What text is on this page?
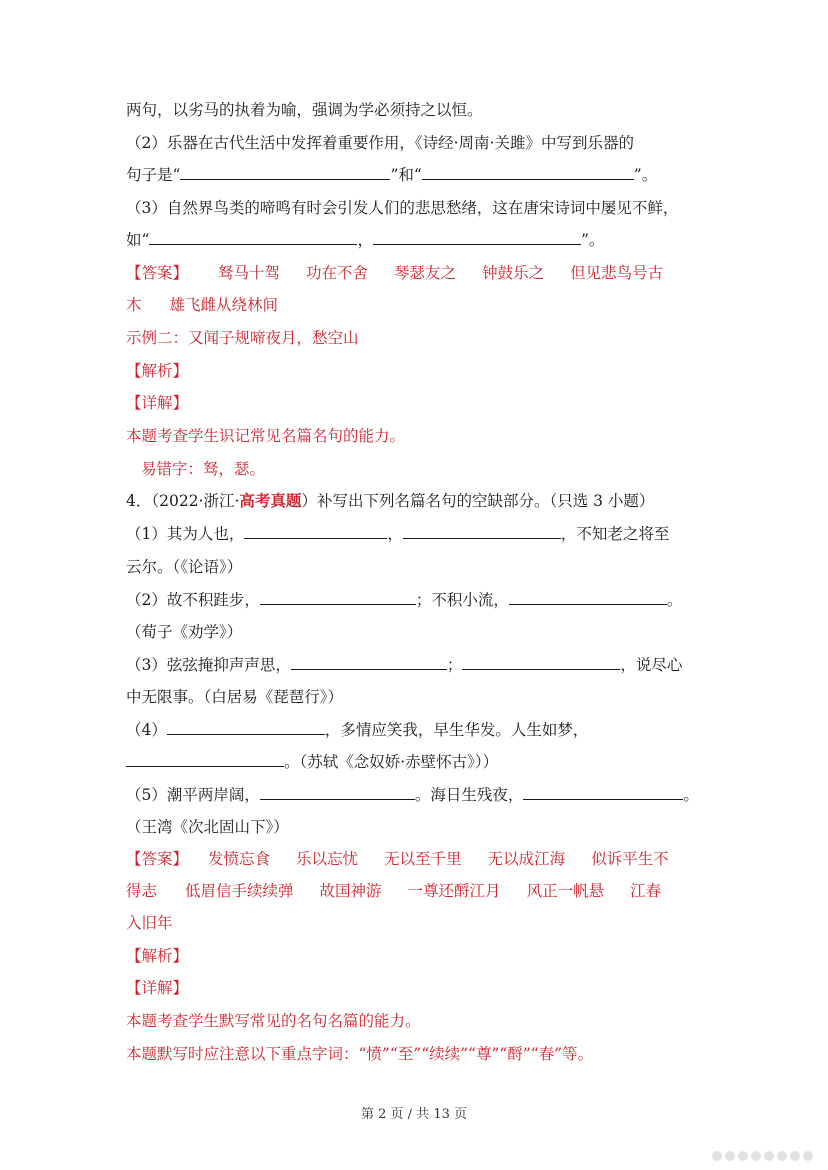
两句，以劣马的执着为喻，强调为学必须持之以恒。
（2）乐器在古代生活中发挥着重要作用，《诗经·周南·关雎》中写到乐器的
句子是“	”和“	”。
（3）自然界鸟类的啼鸣有时会引发人们的悲思愁绪，这在唐宋诗词中屡见不鲜，
如“	，	”。
【答案】 驽马十驾 功在不舍 琴瑟友之 钟鼓乐之 但见悲鸟号古
木 雄飞雌从绕林间
示例二：又闻子规啼夜月，愁空山
【解析】
【详解】
本题考查学生识记常见名篇名句的能力。
易错字：驽，瑟。
4．（2022·浙江·高考真题）补写出下列名篇名句的空缺部分。（只选 3 小题）
（1）其为人也，	，	，不知老之将至
云尔。（《论语》）
（2）故不积跬步，	；不积小流，	。
（荀子《劝学》）
（3）弦弦掩抑声声思，	；	，说尽心
中无限事。（白居易《琵琶行》）
（4）	，多情应笑我，早生华发。人生如梦，
。（苏轼《念奴娇·赤壁怀古》））
（5）潮平两岸阔，	。海日生残夜，	。
（王湾《次北固山下》）
【答案】 发愤忘食 乐以忘忧 无以至千里 无以成江海 似诉平生不
得志 低眉信手续续弹 故国神游 一尊还酹江月 风正一帆悬 江春
入旧年
【解析】
【详解】
本题考查学生默写常见的名句名篇的能力。
本题默写时应注意以下重点字词：“愤”“至”“续续”“尊”“酹”“春”等。
第 2 页 / 共 13 页
